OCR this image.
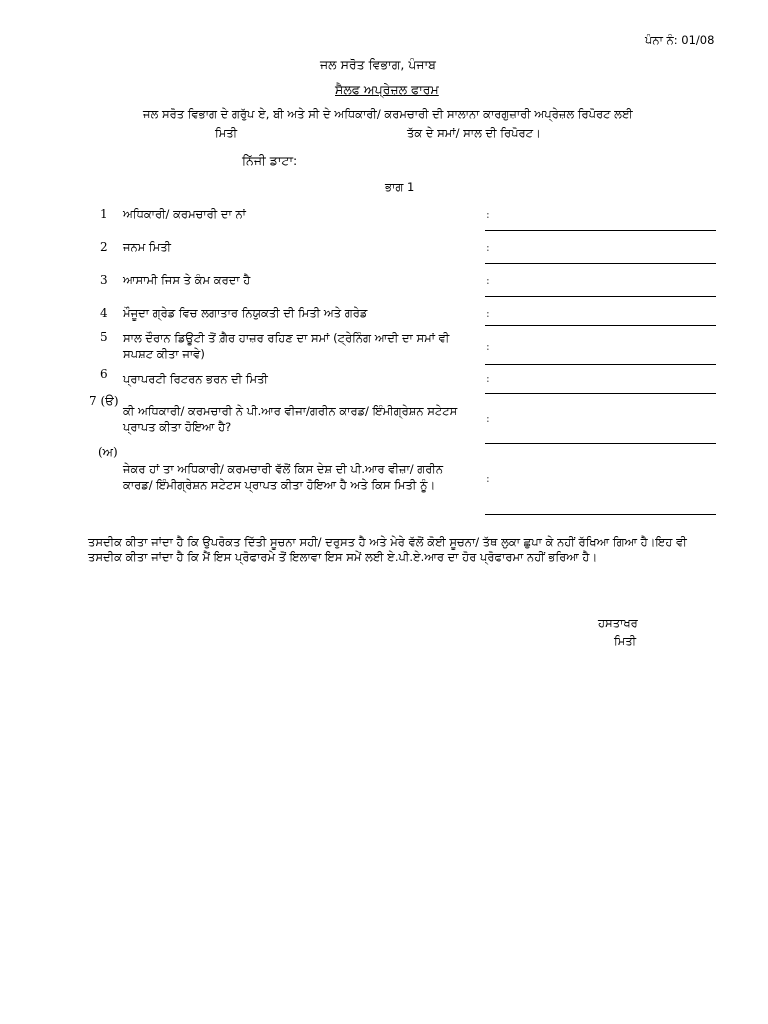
ਪੰਨਾ ਨੰ: 01/08
ਜਲ ਸਰੋਤ ਵਿਭਾਗ, ਪੰਜਾਬ
ਸੈਲਫ ਅਪ੍ਰੇਜ਼ਲ ਫਾਰਮ
ਜਲ ਸਰੋਤ ਵਿਭਾਗ ਦੇ ਗਰੁੱਪ ਏ, ਬੀ ਅਤੇ ਸੀ ਦੇ ਅਧਿਕਾਰੀ/ ਕਰਮਚਾਰੀ ਦੀ ਸਾਲਾਨਾ ਕਾਰਗੁਜ਼ਾਰੀ ਅਪ੍ਰੇਜ਼ਲ ਰਿਪੋਰਟ ਲਈ
ਮਿਤੀ	ਤੱਕ ਦੇ ਸਮਾਂ/ ਸਾਲ ਦੀ ਰਿਪੋਰਟ।
ਨਿੱਜੀ ਡਾਟਾ:
ਭਾਗ 1
1 ਅਧਿਕਾਰੀ/ ਕਰਮਚਾਰੀ ਦਾ ਨਾਂ	:
2 ਜਨਮ ਮਿਤੀ	:
3 ਆਸਾਮੀ ਜਿਸ ਤੇ ਕੰਮ ਕਰਦਾ ਹੈ	:
4 ਮੌਜੂਦਾ ਗ੍ਰੇਡ ਵਿਚ ਲਗਾਤਾਰ ਨਿਯੁਕਤੀ ਦੀ ਮਿਤੀ ਅਤੇ ਗਰੇਡ	:
5 ਸਾਲ ਦੌਰਾਨ ਡਿਊਟੀ ਤੋਂ ਗ਼ੈਰ ਹਾਜ਼ਰ ਰਹਿਣ ਦਾ ਸਮਾਂ (ਟ੍ਰੇਨਿੰਗ ਆਦੀ ਦਾ ਸਮਾਂ ਵੀ
ਸਪਸ਼ਟ ਕੀਤਾ ਜਾਵੇ)
:
6 ਪ੍ਰਾਪਰਟੀ ਰਿਟਰਨ ਭਰਨ ਦੀ ਮਿਤੀ	:
7 (ੳ)
ਕੀ ਅਧਿਕਾਰੀ/ ਕਰਮਚਾਰੀ ਨੇ ਪੀ.ਆਰ ਵੀਜਾ/ਗਰੀਨ ਕਾਰਡ/ ਇੰਮੀਗ੍ਰੇਸ਼ਨ ਸਟੇਟਸ
ਪ੍ਰਾਪਤ ਕੀਤਾ ਹੋਇਆ ਹੈ?
:
(ਅ)
ਜੇਕਰ ਹਾਂ ਤਾ ਅਧਿਕਾਰੀ/ ਕਰਮਚਾਰੀ ਵੱਲੋਂ ਕਿਸ ਦੇਸ਼ ਦੀ ਪੀ.ਆਰ ਵੀਜ਼ਾ/ ਗਰੀਨ
ਕਾਰਡ/ ਇੰਮੀਗ੍ਰੇਸ਼ਨ ਸਟੇਟਸ ਪ੍ਰਾਪਤ ਕੀਤਾ ਹੋਇਆ ਹੈ ਅਤੇ ਕਿਸ ਮਿਤੀ ਨੂੰ।	:
ਤਸਦੀਕ ਕੀਤਾ ਜਾਂਦਾ ਹੈ ਕਿ ਉਪਰੋਕਤ ਦਿੱਤੀ ਸੂਚਨਾ ਸਹੀ/ ਦਰੁਸਤ ਹੈ ਅਤੇ ਮੇਰੇ ਵੱਲੋਂ ਕੋਈ ਸੂਚਨਾ/ ਤੱਥ ਲੁਕਾ ਛੁਪਾ ਕੇ ਨਹੀਂ ਰੱਖਿਆ ਗਿਆ ਹੈ।ਇਹ ਵੀ
ਤਸਦੀਕ ਕੀਤਾ ਜਾਂਦਾ ਹੈ ਕਿ ਮੈਂ ਇਸ ਪ੍ਰੋਫਾਰਮੇ ਤੋਂ ਇਲਾਵਾ ਇਸ ਸਮੇਂ ਲਈ ਏ.ਪੀ.ਏ.ਆਰ ਦਾ ਹੋਰ ਪ੍ਰੋਫਾਰਮਾ ਨਹੀਂ ਭਰਿਆ ਹੈ।
ਹਸਤਾਖਰ
ਮਿਤੀ
